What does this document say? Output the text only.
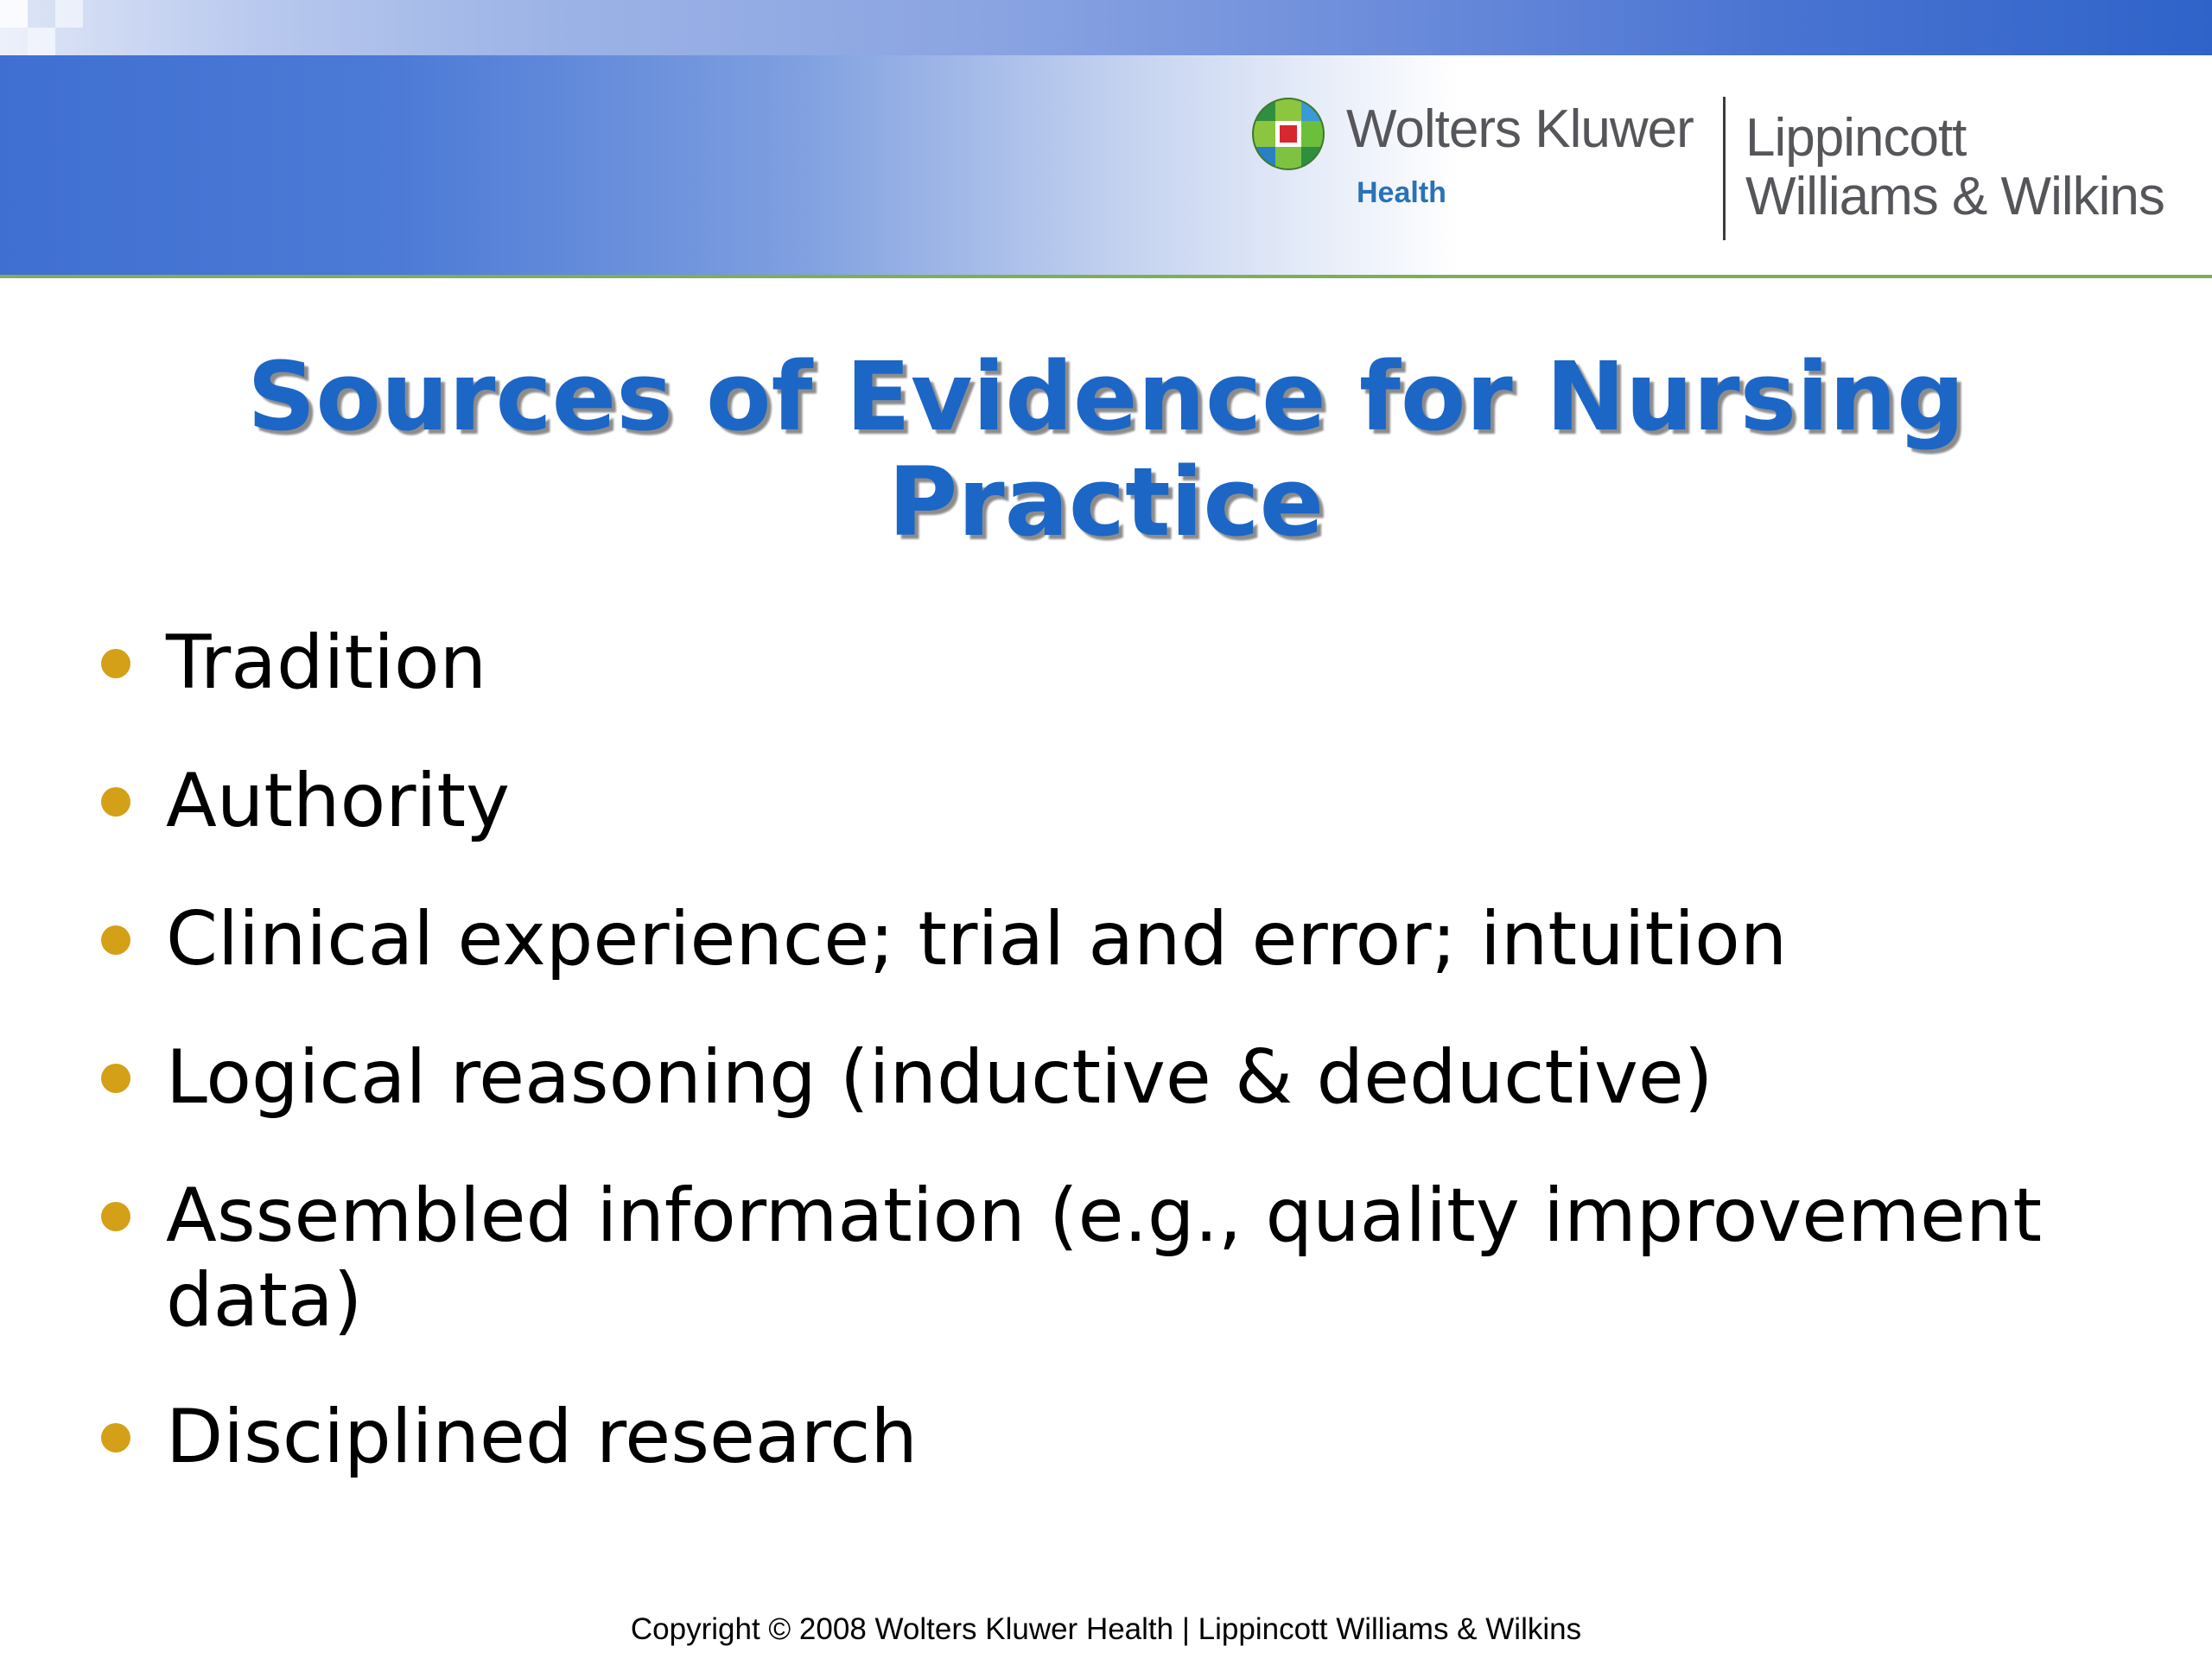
Wolters Kluwer
Health
Lippincott
Williams & Wilkins
Sources of Evidence for Nursing Practice
Tradition
Authority
Clinical experience; trial and error; intuition
Logical reasoning (inductive & deductive)
Assembled information (e.g., quality improvement data)
Disciplined research
Copyright © 2008 Wolters Kluwer Health | Lippincott Williams & Wilkins
